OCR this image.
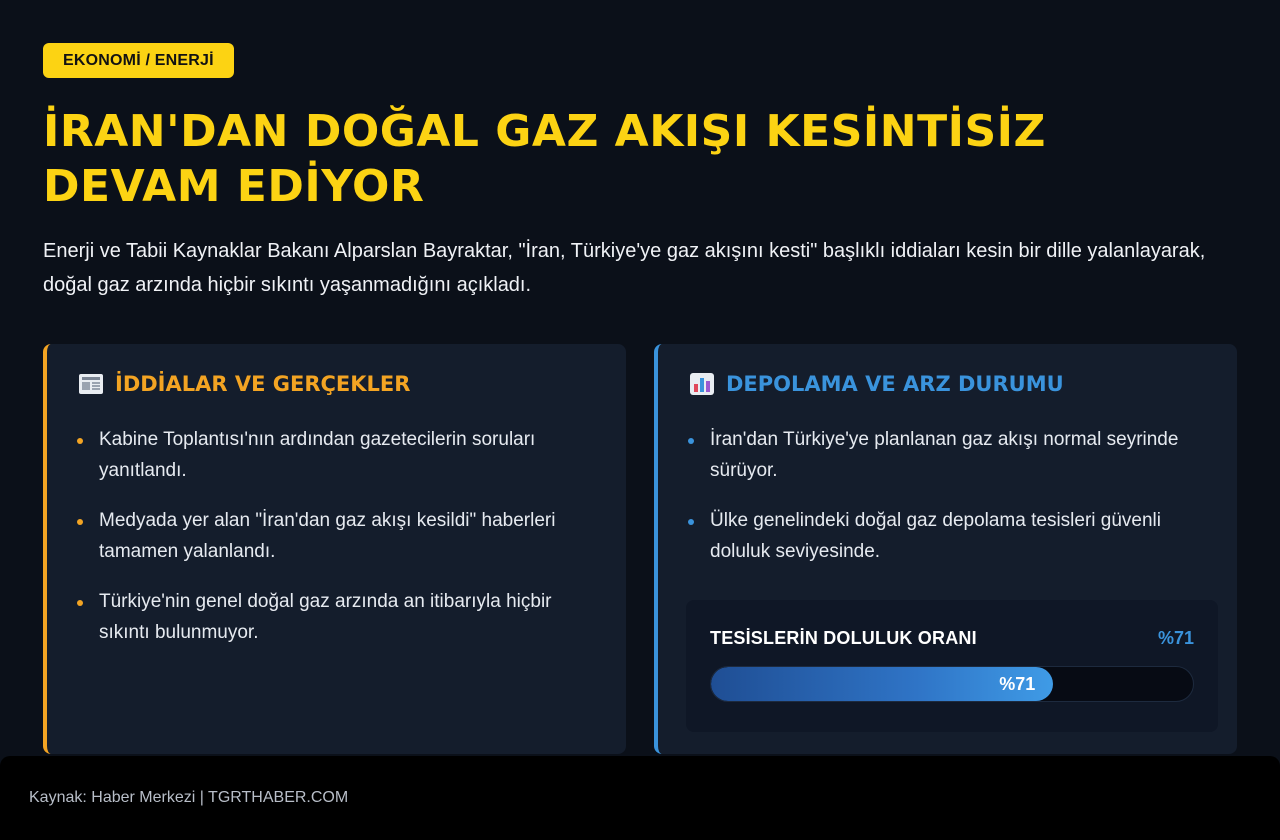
EKONOMİ / ENERJİ
İRAN'DAN DOĞAL GAZ AKIŞI KESİNTİSİZ DEVAM EDİYOR

Enerji ve Tabii Kaynaklar Bakanı Alparslan Bayraktar, "İran, Türkiye'ye gaz akışını kesti" başlıklı iddiaları kesin bir dille yalanlayarak, doğal gaz arzında hiçbir sıkıntı yaşanmadığını açıkladı.

İDDİALAR VE GERÇEKLER
Kabine Toplantısı'nın ardından gazetecilerin soruları yanıtlandı.
Medyada yer alan "İran'dan gaz akışı kesildi" haberleri tamamen yalanlandı.
Türkiye'nin genel doğal gaz arzında an itibarıyla hiçbir sıkıntı bulunmuyor.
DEPOLAMA VE ARZ DURUMU
İran'dan Türkiye'ye planlanan gaz akışı normal seyrinde sürüyor.
Ülke genelindeki doğal gaz depolama tesisleri güvenli doluluk seviyesinde.
TESİSLERİN DOLULUK ORANI	%71
%71
Kaynak: Haber Merkezi | TGRTHABER.COM
